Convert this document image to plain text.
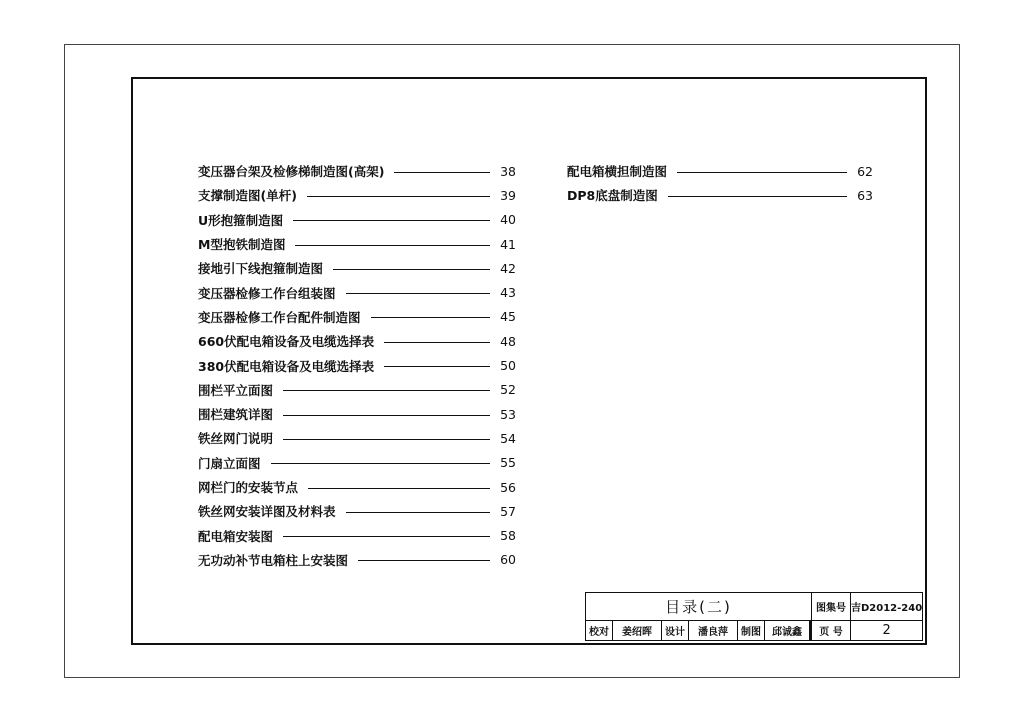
变压器台架及检修梯制造图(高架)	38
支撑制造图(单杆)	39
U形抱箍制造图	40
M型抱铁制造图	41
接地引下线抱箍制造图	42
变压器检修工作台组装图	43
变压器检修工作台配件制造图	45
660伏配电箱设备及电缆选择表	48
380伏配电箱设备及电缆选择表	50
围栏平立面图	52
围栏建筑详图	53
铁丝网门说明	54
门扇立面图	55
网栏门的安装节点	56
铁丝网安装详图及材料表	57
配电箱安装图	58
无功动补节电箱柱上安装图	60
配电箱横担制造图	62
DP8底盘制造图	63
目录(二)							图集号	吉D2012-240
校对	姜绍晖	设计	潘良萍	制图	邱诚鑫			页 号	2
